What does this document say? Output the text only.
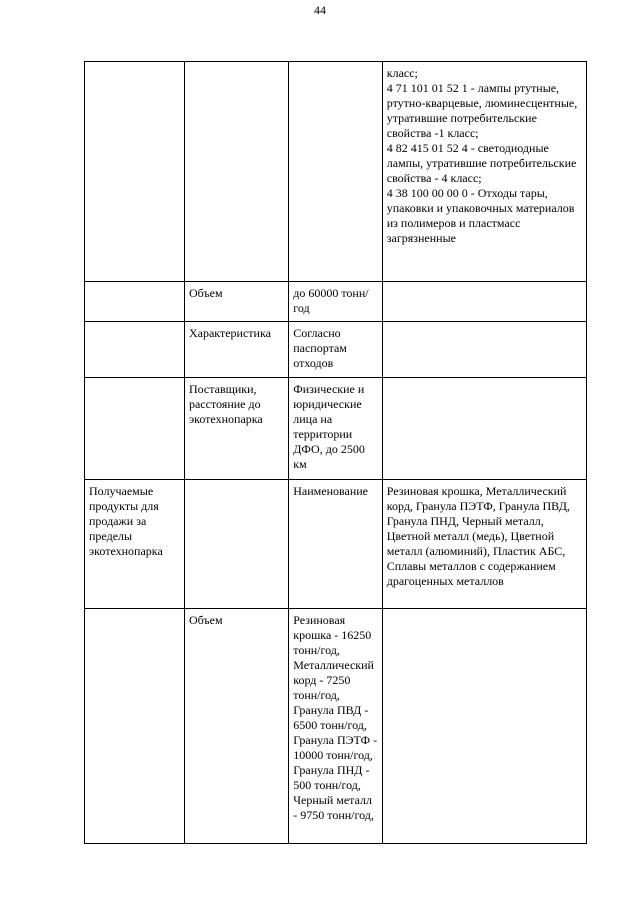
44

			класс;
4 71 101 01 52 1 - лампы ртутные, ртутно-кварцевые, люминесцентные, утратившие потребительские свойства -1 класс;
4 82 415 01 52 4 - светодиодные лампы, утратившие потребительские свойства - 4 класс;
4 38 100 00 00 0 - Отходы тары, упаковки и упаковочных материалов из полимеров и пластмасс загрязненные

	Объем	до 60000 тонн/год	

	Характеристика	Согласно паспортам отходов	

	Поставщики, расстояние до экотехнопарка	Физические и юридические лица на территории ДФО, до 2500 км	

Получаемые продукты для продажи за пределы экотехнопарка		Наименование	Резиновая крошка, Металлический корд, Гранула ПЭТФ, Гранула ПВД, Гранула ПНД, Черный металл, Цветной металл (медь), Цветной металл (алюминий), Пластик АБС, Сплавы металлов с содержанием драгоценных металлов

	Объем	Резиновая крошка - 16250 тонн/год, Металлический корд - 7250 тонн/год, Гранула ПВД - 6500 тонн/год, Гранула ПЭТФ - 10000 тонн/год, Гранула ПНД - 500 тонн/год, Черный металл - 9750 тонн/год,	
